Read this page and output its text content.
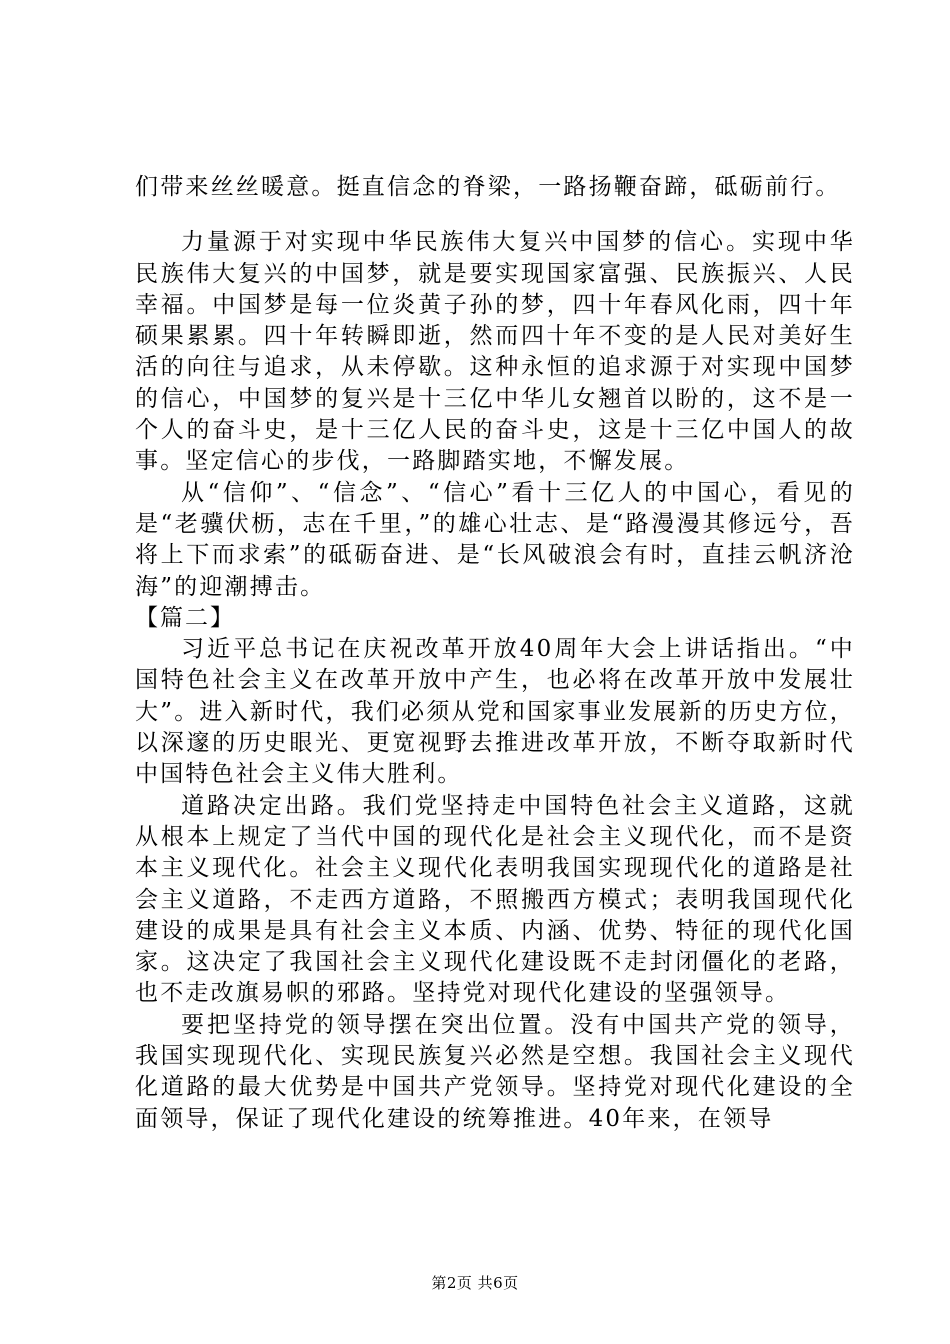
们带来丝丝暖意。挺直信念的脊梁，一路扬鞭奋蹄，砥砺前行。

力量源于对实现中华民族伟大复兴中国梦的信心。实现中华民族伟大复兴的中国梦，就是要实现国家富强、民族振兴、人民幸福。中国梦是每一位炎黄子孙的梦，四十年春风化雨，四十年硕果累累。四十年转瞬即逝，然而四十年不变的是人民对美好生活的向往与追求，从未停歇。这种永恒的追求源于对实现中国梦的信心，中国梦的复兴是十三亿中华儿女翘首以盼的，这不是一个人的奋斗史，是十三亿人民的奋斗史，这是十三亿中国人的故事。坚定信心的步伐，一路脚踏实地，不懈发展。

从“信仰”、“信念”、“信心”看十三亿人的中国心，看见的是“老骥伏枥，志在千里，”的雄心壮志、是“路漫漫其修远兮，吾将上下而求索”的砥砺奋进、是“长风破浪会有时，直挂云帆济沧海”的迎潮搏击。

【篇二】

习近平总书记在庆祝改革开放40周年大会上讲话指出。“中国特色社会主义在改革开放中产生，也必将在改革开放中发展壮大”。进入新时代，我们必须从党和国家事业发展新的历史方位，以深邃的历史眼光、更宽视野去推进改革开放，不断夺取新时代中国特色社会主义伟大胜利。

道路决定出路。我们党坚持走中国特色社会主义道路，这就从根本上规定了当代中国的现代化是社会主义现代化，而不是资本主义现代化。社会主义现代化表明我国实现现代化的道路是社会主义道路，不走西方道路，不照搬西方模式；表明我国现代化建设的成果是具有社会主义本质、内涵、优势、特征的现代化国家。这决定了我国社会主义现代化建设既不走封闭僵化的老路，也不走改旗易帜的邪路。坚持党对现代化建设的坚强领导。

要把坚持党的领导摆在突出位置。没有中国共产党的领导，我国实现现代化、实现民族复兴必然是空想。我国社会主义现代化道路的最大优势是中国共产党领导。坚持党对现代化建设的全面领导，保证了现代化建设的统筹推进。40年来，在领导

第2页 共6页
